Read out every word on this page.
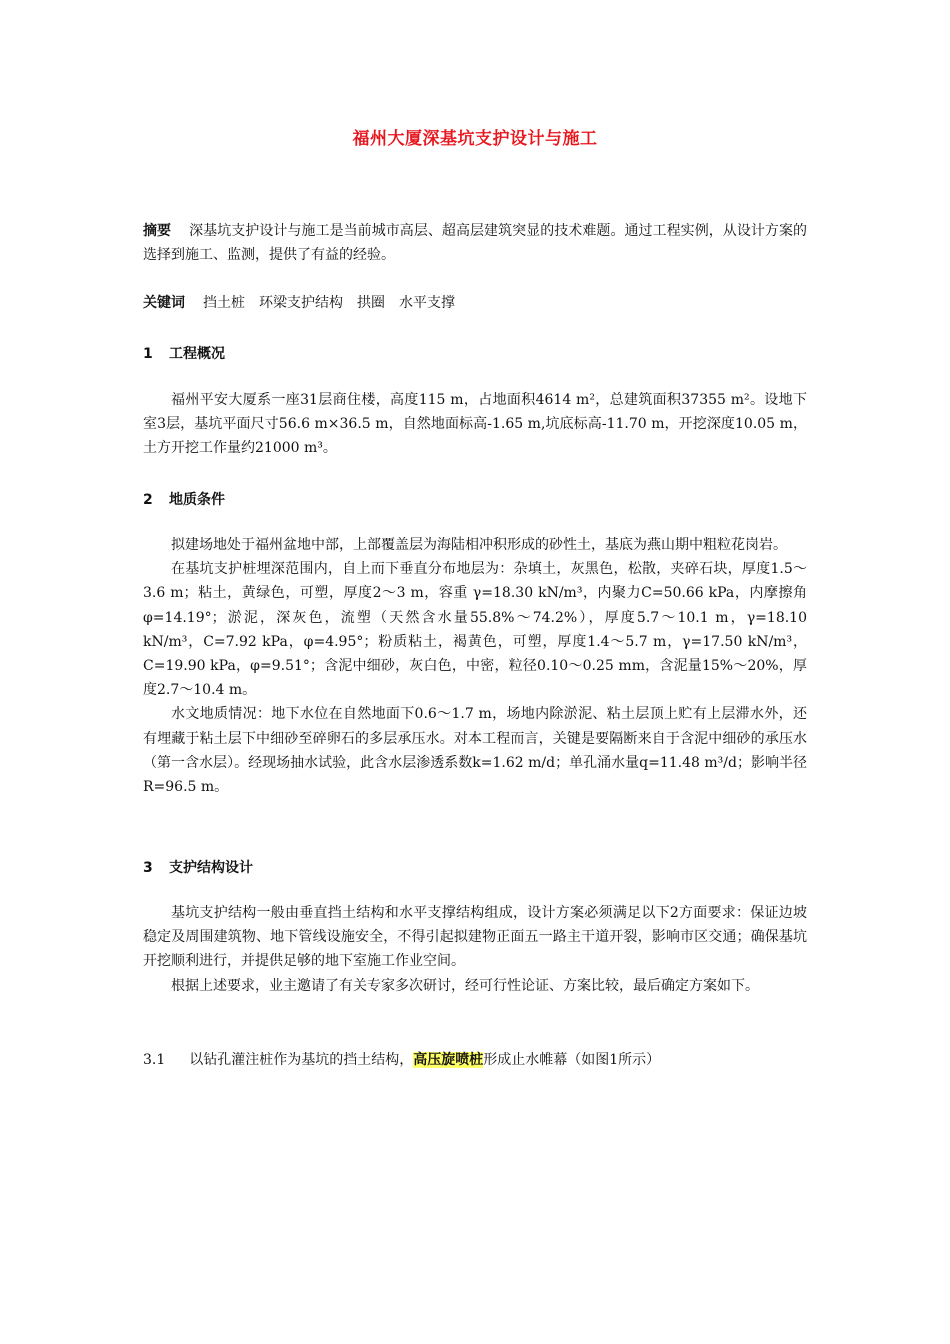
福州大厦深基坑支护设计与施工

摘要 深基坑支护设计与施工是当前城市高层、超高层建筑突显的技术难题。通过工程实例，从设计方案的选择到施工、监测，提供了有益的经验。

关键词 挡土桩 环梁支护结构 拱圈 水平支撑

1 工程概况

福州平安大厦系一座31层商住楼，高度115 m，占地面积4614 m²，总建筑面积37355 m²。设地下室3层，基坑平面尺寸56.6 m×36.5 m，自然地面标高-1.65 m,坑底标高-11.70 m，开挖深度10.05 m，土方开挖工作量约21000 m³。

2 地质条件

拟建场地处于福州盆地中部，上部覆盖层为海陆相冲积形成的砂性土，基底为燕山期中粗粒花岗岩。

在基坑支护桩埋深范围内，自上而下垂直分布地层为：杂填土，灰黑色，松散，夹碎石块，厚度1.5～3.6 m；粘土，黄绿色，可塑，厚度2～3 m，容重 γ=18.30 kN/m³，内聚力C=50.66 kPa，内摩擦角 φ=14.19°；淤泥，深灰色，流塑（天然含水量55.8%～74.2%），厚度5.7～10.1 m，γ=18.10 kN/m³，C=7.92 kPa，φ=4.95°；粉质粘土，褐黄色，可塑，厚度1.4～5.7 m，γ=17.50 kN/m³，C=19.90 kPa，φ=9.51°；含泥中细砂，灰白色，中密，粒径0.10～0.25 mm，含泥量15%～20%，厚度2.7～10.4 m。

水文地质情况：地下水位在自然地面下0.6～1.7 m，场地内除淤泥、粘土层顶上贮有上层滞水外，还有埋藏于粘土层下中细砂至碎卵石的多层承压水。对本工程而言，关键是要隔断来自于含泥中细砂的承压水（第一含水层）。经现场抽水试验，此含水层渗透系数k=1.62 m/d；单孔涌水量q=11.48 m³/d；影响半径R=96.5 m。

3 支护结构设计

基坑支护结构一般由垂直挡土结构和水平支撑结构组成，设计方案必须满足以下2方面要求：保证边坡稳定及周围建筑物、地下管线设施安全，不得引起拟建物正面五一路主干道开裂，影响市区交通；确保基坑开挖顺利进行，并提供足够的地下室施工作业空间。

根据上述要求，业主邀请了有关专家多次研讨，经可行性论证、方案比较，最后确定方案如下。

3.1 以钻孔灌注桩作为基坑的挡土结构，高压旋喷桩形成止水帷幕（如图1所示）
